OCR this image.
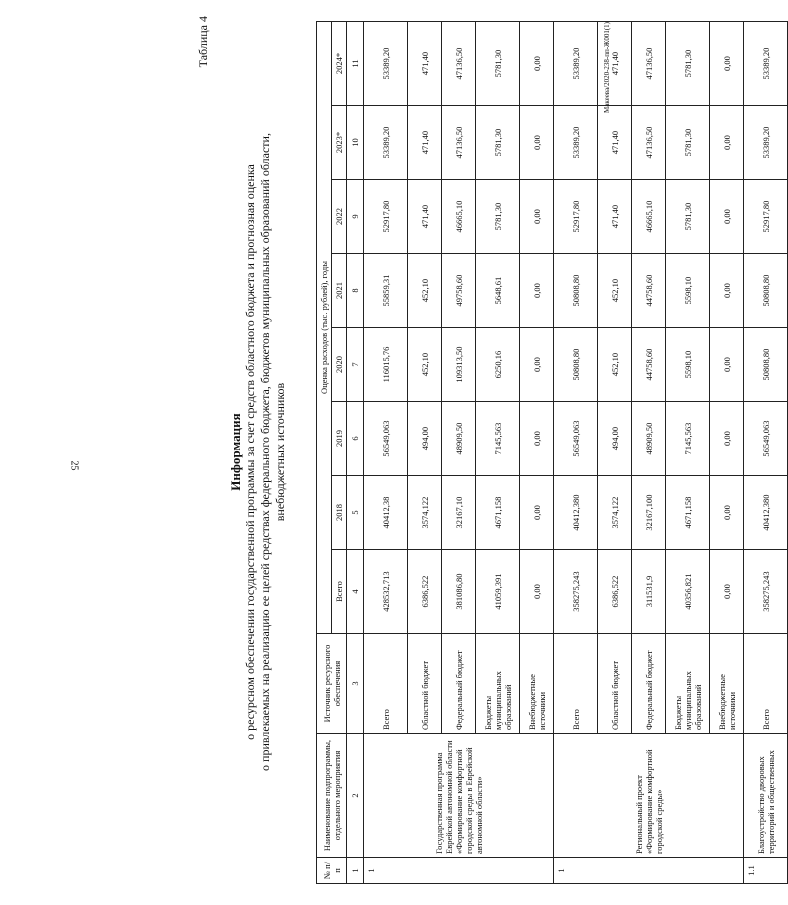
25
Таблица 4
Информация о ресурсном обеспечении государственной программы за счет средств областного бюджета и прогнозная оценка о привлекаемых на реализацию ее целей средствах федерального бюджета, бюджетов муниципальных образований области, внебюджетных источников
№ п/п	Наименование подпрограммы, отдельного мероприятия	Источник ресурсного обеспечения	Оценка расходов (тыс. рублей), годы							
			Всего	2018	2019	2020	2021	2022	2023*	2024*
1	2	3	4	5	6	7	8	9	10	11
1	Государственная программа Еврейской автономной области «Формирование комфортной городской среды в Еврейской автономной области»	Всего	428532,713	40412,38	56549,063	116015,76	55859,31	52917,80	53389,20	53389,20
		Областной бюджет	6386,522	3574,122	494,00	452,10	452,10	471,40	471,40	471,40
		Федеральный бюджет	381086,80	32167,10	48909,50	109313,50	49758,60	46665,10	47136,50	47136,50
		Бюджеты муниципальных образований	41059,391	4671,158	7145,563	6250,16	5648,61	5781,30	5781,30	5781,30
		Внебюджетные источники	0,00	0,00	0,00	0,00	0,00	0,00	0,00	0,00
1	Региональный проект «Формирование комфортной городской среды»	Всего	358275,243	40412,380	56549,063	50808,80	50808,80	52917,80	53389,20	53389,20
		Областной бюджет	6386,522	3574,122	494,00	452,10	452,10	471,40	471,40	471,40
		Федеральный бюджет	311531,9	32167,100	48909,50	44758,60	44758,60	46665,10	47136,50	47136,50
		Бюджеты муниципальных образований	40356,821	4671,158	7145,563	5598,10	5598,10	5781,30	5781,30	5781,30
		Внебюджетные источники	0,00	0,00	0,00	0,00	0,00	0,00	0,00	0,00
1.1	Благоустройство дворовых территорий и общественных	Всего	358275,243	40412,380	56549,063	50808,80	50808,80	52917,80	53389,20	53389,20
Макеева/2020-238-пп-Ж001(1)
